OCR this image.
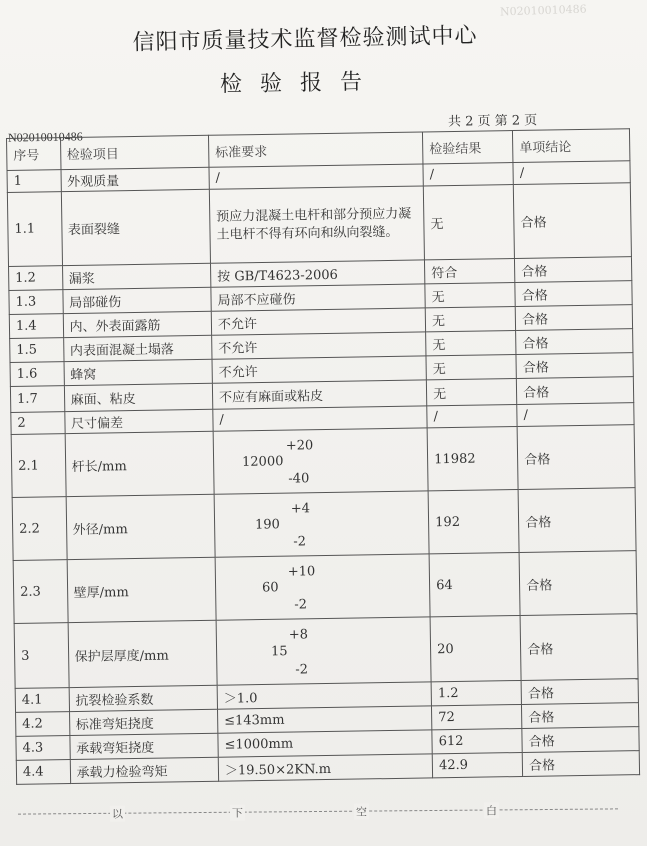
N02010010486
信阳市质量技术监督检验测试中心
检验报告
共 2 页 第 2 页
N02010010486
序号	检验项目	标准要求	检验结果	单项结论
1	外观质量	/	/	/
1.1	表面裂缝	预应力混凝土电杆和部分预应力凝土电杆不得有环向和纵向裂缝。	无	合格
1.2	漏浆	按 GB/T4623-2006	符合	合格
1.3	局部碰伤	局部不应碰伤	无	合格
1.4	内、外表面露筋	不允许	无	合格
1.5	内表面混凝土塌落	不允许	无	合格
1.6	蜂窝	不允许	无	合格
1.7	麻面、粘皮	不应有麻面或粘皮	无	合格
2	尺寸偏差	/	/	/
2.1	杆长/mm	12000
+20
-40	11982	合格
2.2	外径/mm	190
+4
-2	192	合格
2.3	壁厚/mm	60
+10
-2	64	合格
3	保护层厚度/mm	15
+8
-2	20	合格
4.1	抗裂检验系数	＞1.0	1.2	合格
4.2	标准弯矩挠度	≤143mm	72	合格
4.3	承载弯矩挠度	≤1000mm	612	合格
4.4	承载力检验弯矩	＞19.50×2KN.m	42.9	合格
以	下	空	白
